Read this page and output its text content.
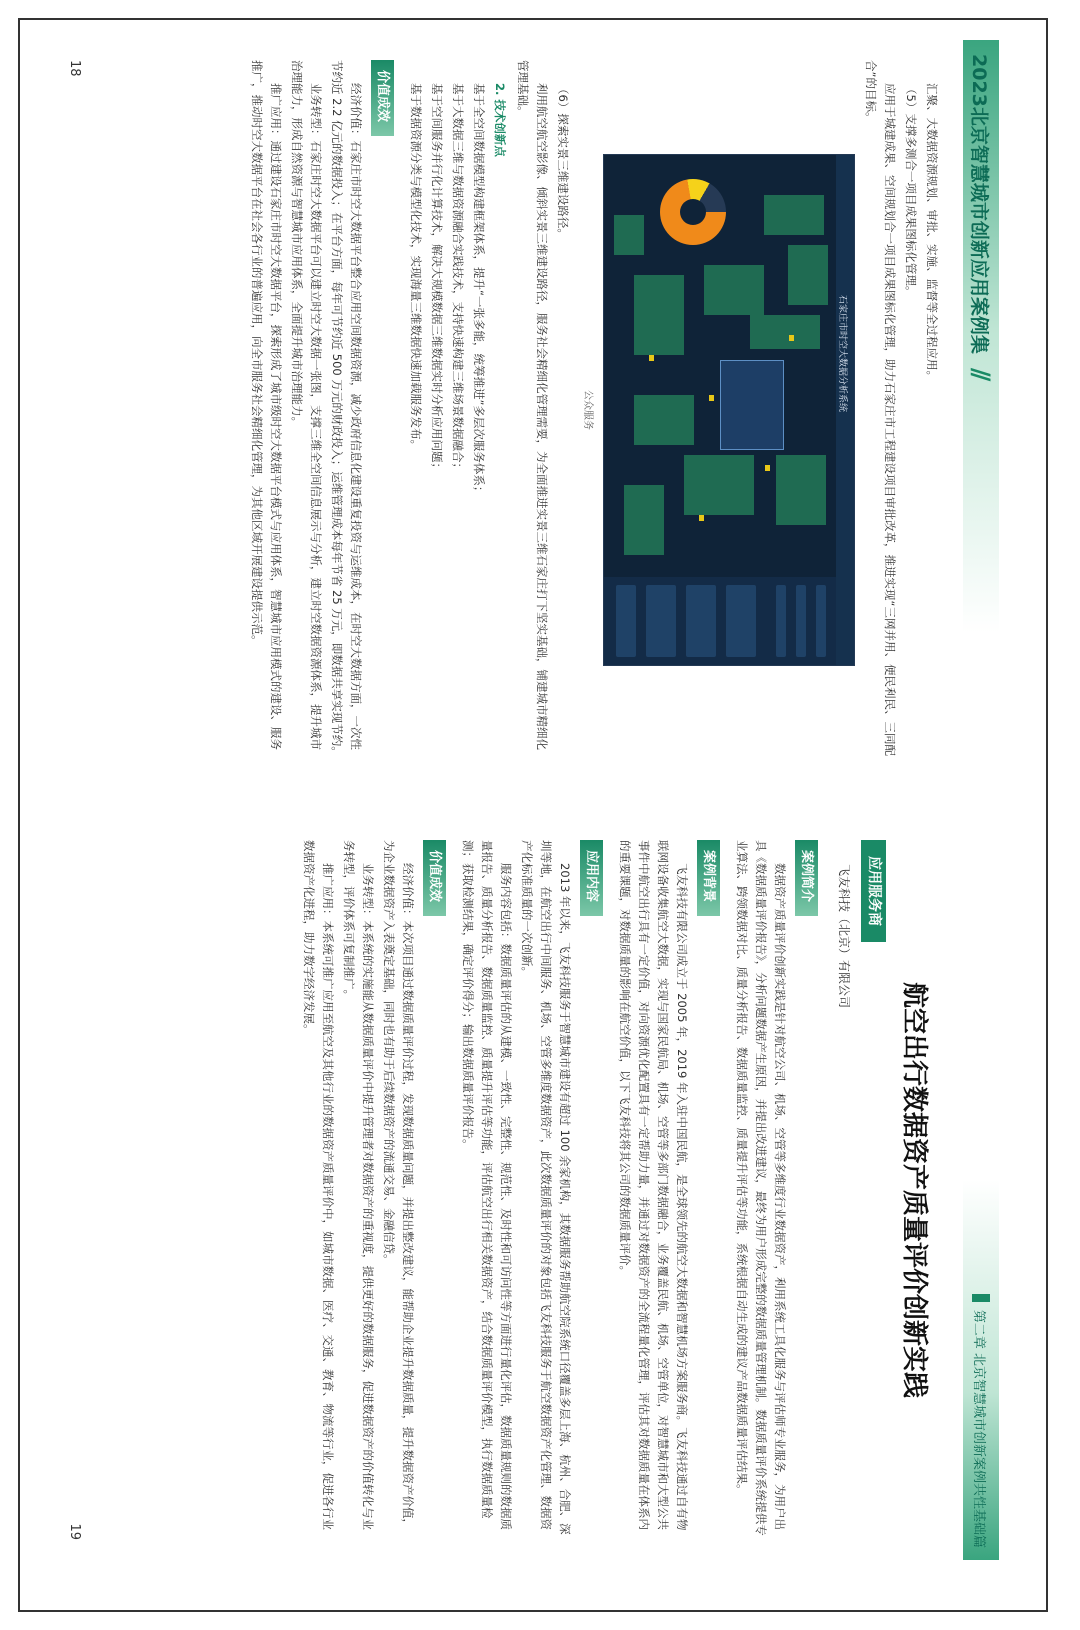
2023北京智慧城市创新应用案例集
//

汇聚、大数据资源规划、审批、实施、监督等全过程应用。

（5）支撑多测合一项目成果图标化管理。

应用于城建成果、空间规划合一项目成果图标化管理，助力石家庄市工程建设项目审批改革，推进实现“三网并用、便民利民、三同配合”的目标。

石家庄市时空大数据分析系统
公众服务

（6）探索实景三维建设路径。

利用航空航空影像、倾斜实景三维建设路径，服务社会精细化管理需要，为全面推进实景三维石家庄打下坚实基础，铺建城市精细化管理基础。

2. 技术创新点

基于全空间数据模型构建框架体系，提升“一张多能，统筹推进”多层次服务体系；

基于大数据三维与数据资源融合实践技术，支持快速构建三维场景数据融合；

基于空间服务并行化计算技术，解决大规模数据三维数据实时分析应用问题；

基于数据资源分类与模型化技术，实现海量三维数据快速加载服务发布。

价值成效

经济价值：石家庄市时空大数据平台整合应用空间数据资源，减少政府信息化建设重复投资与运维成本，在时空大数据方面，一次性节约近 2.2 亿元的数据投入；在平台方面，每年可节约近 500 万元的财政投入；运维管理成本每年节省 25 万元，即数据共享实现节约。

业务转型：石家庄时空大数据平台可以建立时空大数据一张图，支撑三维全空间信息展示与分析，建立时空数据资源体系，提升城市治理能力，形成自然资源与智慧城市应用体系，全面提升城市治理能力。

推广应用：通过建设石家庄市时空大数据平台，探索形成了城市级时空大数据平台模式与应用体系，智慧城市应用模式的建设、服务推广，推动时空大数据平台在社会各行业的普遍应用，向全市服务社会精细化管理，为其他区域开展建设提供示范。

18
第二章 北京智慧城市创新案例共性基础篇
航空出行数据资产质量评价创新实践
应用服务商
飞友科技（北京）有限公司
案例简介

数据资产质量评价创新实践是针对航空公司、机场、空管等多维度行业数据资产，利用系统工具化服务与评估师专业服务，为用户出具《数据质量评价报告》，分析问题数据产生原因，并提出改进建议，最终为用户形成完整的数据质量管理机制。数据质量评价系统提供专业算法、跨领数据对比、质量分析报告、数据质量监控、质量提升评估等功能，系统根据自动生成的建议产品数据质量评估结果。

案例背景

飞友科技有限公司成立于 2005 年，2019 年入驻中国民航，是全球领先的航空大数据和智慧机场方案服务商。飞友科技通过自有物联网设备收集航空大数据，实现与国家民航局、机场、空管等多部门数据融合，业务覆盖民航、机场、空管单位，对智慧城市和大型公共事件中航空出行具有一定价值，对向资源优化配置具有一定帮助力量，并通过对数据资产的全流程量化管理，评估其对数据质量在体系内的重要课题，对数据质量的影响在航空价值，以下飞友科技将其公司的数据质量评价。

应用内容

2013 年以来，飞友科技服务于智慧城市建设有超过 100 余家机构，其数据服务帮助航空院系统口径覆盖多层上海、杭州、合肥、深圳等地，在航空出行中间服务、机场、空管多维度数据资产，此次数据质量评价的对象包括飞友科技服务于航空数据资产化管理、数据资产化标准质量的一次创新。

服务内容包括：数据质量评估的从建模、一致性、完整性、规范性、及时性和可访问性等方面进行量化评估，数据质量规则的数据质量报告、质量分析报告、数据质量监控、质量提升评估等功能，评估航空出行相关数据资产，结合数据质量评价模型，执行数据质量检测；获取检测结果，确定评价得分；输出数据质量评价报告。

价值成效

经济价值：本次项目通过数据质量评价过程，发现数据质量问题，并提出整改建议，能帮助企业提升数据质量，提升数据资产价值，为企业数据资产入表奠定基础，同时也有助于后续数据资产的流通交易、金融信贷。

业务转型：本系统的实施能从数据质量评价中提升管理者对数据资产的重视度，提供更好的数据服务，促进数据资产的价值转化与业务转型，评价体系可复制推广。

推广应用：本系统可推广应用至航空及其他行业的数据资产质量评价中，如城市数据、医疗、交通、教育、物流等行业，促进各行业数据资产化进程，助力数字经济发展。

19
